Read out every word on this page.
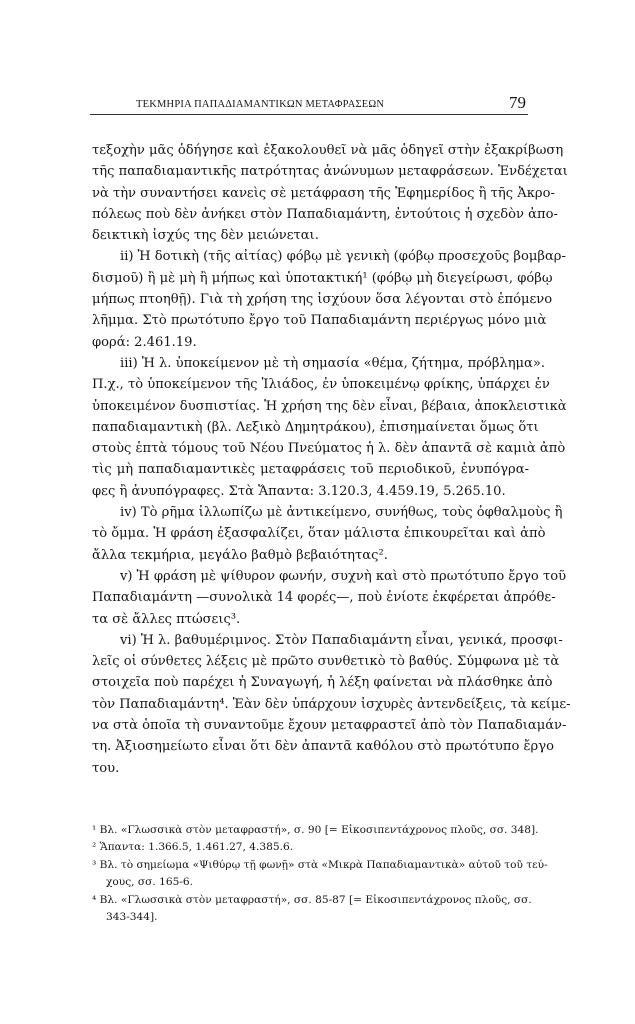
ΤΕΚΜΗΡΙΑ ΠΑΠΑΔΙΑΜΑΝΤΙΚΩΝ ΜΕΤΑΦΡΑΣΕΩΝ	79
τεξοχὴν μᾶς ὁδήγησε καὶ ἐξακολουθεῖ νὰ μᾶς ὁδηγεῖ στὴν ἐξακρίβωση
τῆς παπαδιαμαντικῆς πατρότητας ἀνώνυμων μεταφράσεων. Ἐνδέχεται
νὰ τὴν συναντήσει κανεὶς σὲ μετάφραση τῆς Ἐφημερίδος ἢ τῆς Ἀκρο-
πόλεως ποὺ δὲν ἀνήκει στὸν Παπαδιαμάντη, ἐντούτοις ἡ σχεδὸν ἀπο-
δεικτικὴ ἰσχύς της δὲν μειώνεται.
ii) Ἡ δοτικὴ (τῆς αἰτίας) φόβῳ μὲ γενικὴ (φόβῳ προσεχοῦς βομβαρ-
δισμοῦ) ἢ μὲ μὴ ἢ μήπως καὶ ὑποτακτική¹ (φόβῳ μὴ διεγείρωσι, φόβῳ
μήπως πτοηθῇ). Γιὰ τὴ χρήση της ἰσχύουν ὅσα λέγονται στὸ ἑπόμενο
λῆμμα. Στὸ πρωτότυπο ἔργο τοῦ Παπαδιαμάντη περιέργως μόνο μιὰ
φορά: 2.461.19.
iii) Ἡ λ. ὑποκείμενον μὲ τὴ σημασία «θέμα, ζήτημα, πρόβλημα».
Π.χ., τὸ ὑποκείμενον τῆς Ἰλιάδος, ἐν ὑποκειμένῳ φρίκης, ὑπάρχει ἐν
ὑποκειμένον δυσπιστίας. Ἡ χρήση της δὲν εἶναι, βέβαια, ἀποκλειστικὰ
παπαδιαμαντικὴ (βλ. Λεξικὸ Δημητράκου), ἐπισημαίνεται ὅμως ὅτι
στοὺς ἑπτὰ τόμους τοῦ Νέου Πνεύματος ἡ λ. δὲν ἀπαντᾶ σὲ καμιὰ ἀπὸ
τὶς μὴ παπαδιαμαντικὲς μεταφράσεις τοῦ περιοδικοῦ, ἐνυπόγρα-
φες ἢ ἀνυπόγραφες. Στὰ Ἅπαντα: 3.120.3, 4.459.19, 5.265.10.
iv) Τὸ ρῆμα ἰλλωπίζω μὲ ἀντικείμενο, συνήθως, τοὺς ὀφθαλμοὺς ἢ
τὸ ὄμμα. Ἡ φράση ἐξασφαλίζει, ὅταν μάλιστα ἐπικουρεῖται καὶ ἀπὸ
ἄλλα τεκμήρια, μεγάλο βαθμὸ βεβαιότητας².
v) Ἡ φράση μὲ ψίθυρον φωνήν, συχνὴ καὶ στὸ πρωτότυπο ἔργο τοῦ
Παπαδιαμάντη —συνολικὰ 14 φορές—, ποὺ ἐνίοτε ἐκφέρεται ἀπρόθε-
τα σὲ ἄλλες πτώσεις³.
vi) Ἡ λ. βαθυμέριμνος. Στὸν Παπαδιαμάντη εἶναι, γενικά, προσφι-
λεῖς οἱ σύνθετες λέξεις μὲ πρῶτο συνθετικὸ τὸ βαθύς. Σύμφωνα μὲ τὰ
στοιχεῖα ποὺ παρέχει ἡ Συναγωγή, ἡ λέξη φαίνεται νὰ πλάσθηκε ἀπὸ
τὸν Παπαδιαμάντη⁴. Ἐὰν δὲν ὑπάρχουν ἰσχυρὲς ἀντενδείξεις, τὰ κείμε-
να στὰ ὁποῖα τὴ συναντοῦμε ἔχουν μεταφραστεῖ ἀπὸ τὸν Παπαδιαμάν-
τη. Ἀξιοσημείωτο εἶναι ὅτι δὲν ἀπαντᾶ καθόλου στὸ πρωτότυπο ἔργο
του.
¹ Βλ. «Γλωσσικὰ στὸν μεταφραστή», σ. 90 [= Εἰκοσιπεντάχρονος πλοῦς, σσ. 348].
² Ἅπαντα: 1.366.5, 1.461.27, 4.385.6.
³ Βλ. τὸ σημείωμα «Ψιθύρῳ τῇ φωνῇ» στὰ «Μικρὰ Παπαδιαμαντικὰ» αὐτοῦ τοῦ τεύ-
χους, σσ. 165-6.
⁴ Βλ. «Γλωσσικὰ στὸν μεταφραστή», σσ. 85-87 [= Εἰκοσιπεντάχρονος πλοῦς, σσ.
343-344].
